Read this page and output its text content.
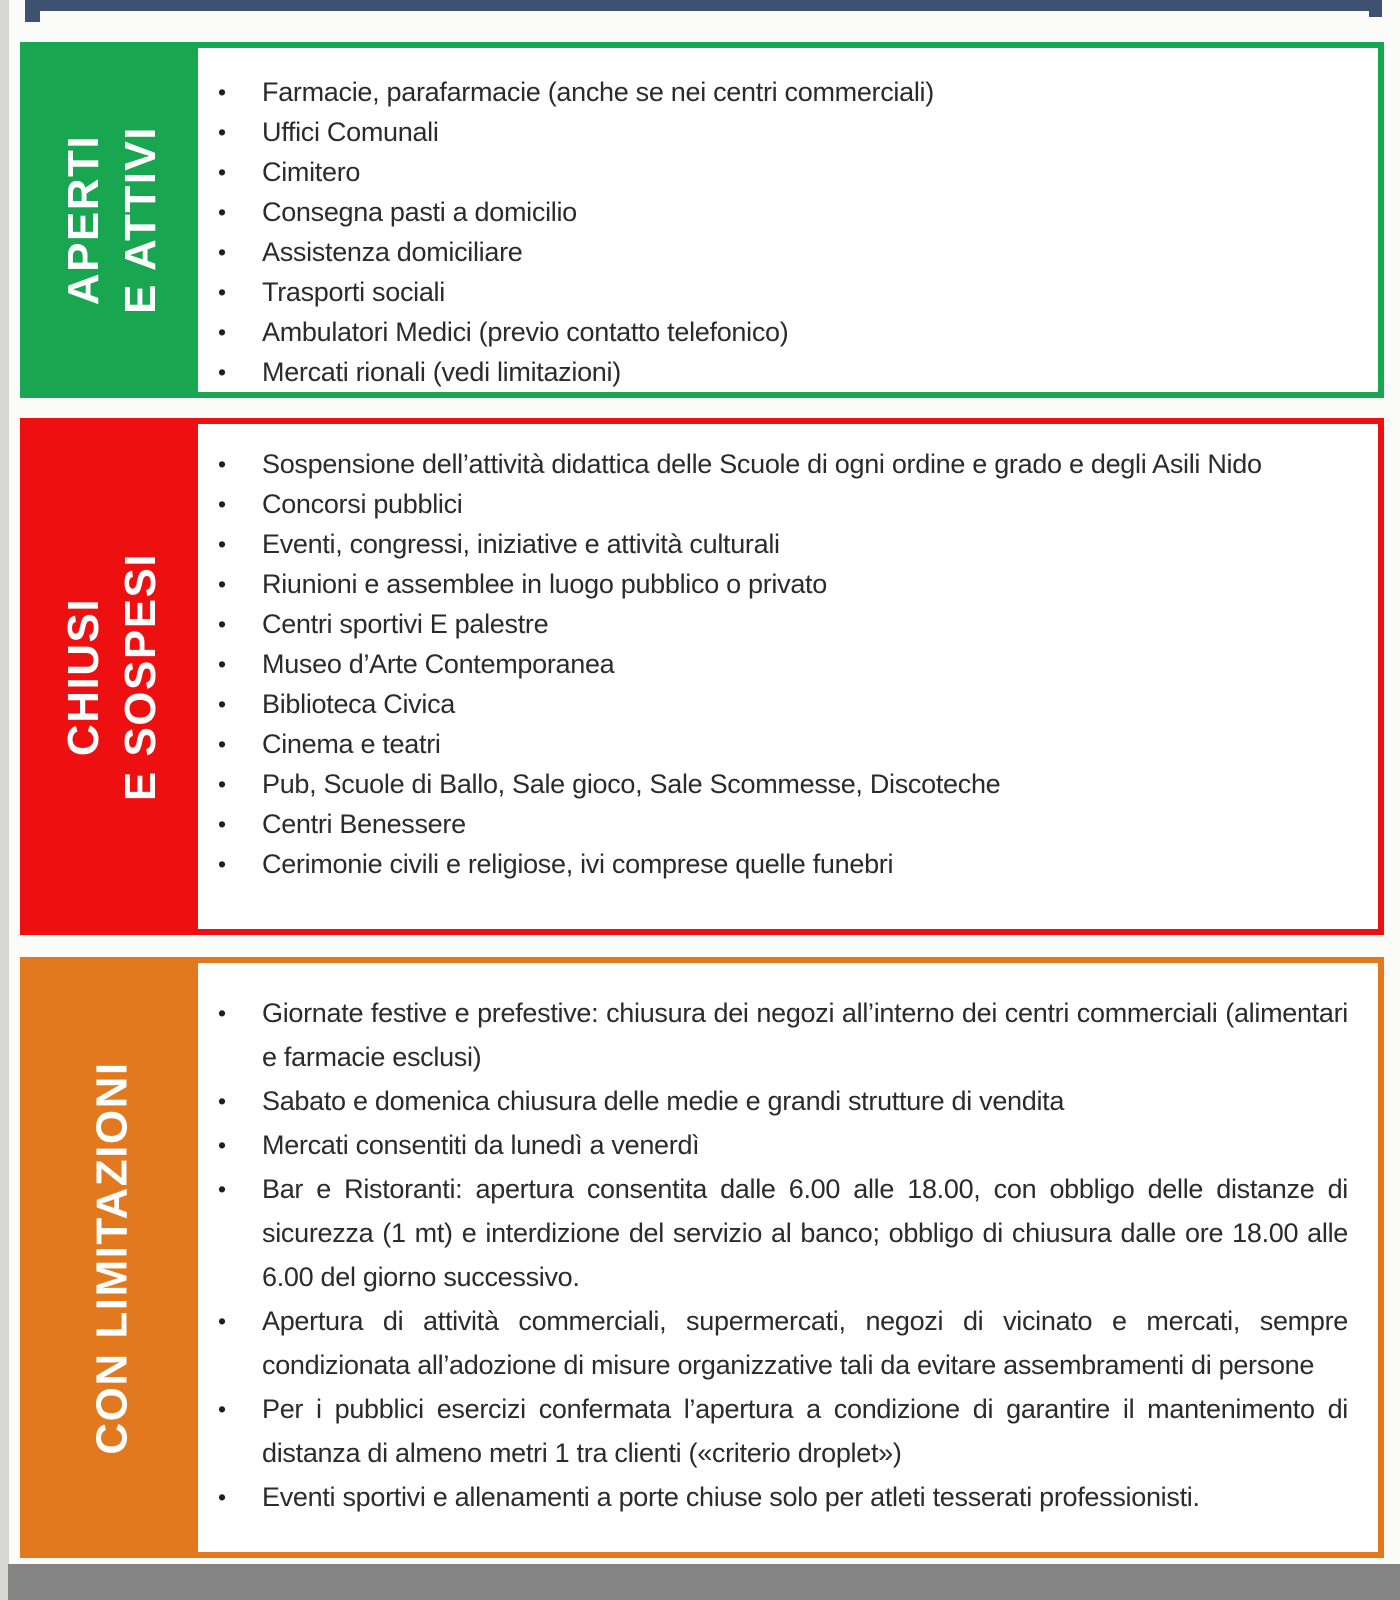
APERTI E ATTIVI
•	Farmacie, parafarmacie (anche se nei centri commerciali)
•	Uffici Comunali
•	Cimitero
•	Consegna pasti a domicilio
•	Assistenza domiciliare
•	Trasporti sociali
•	Ambulatori Medici (previo contatto telefonico)
•	Mercati rionali (vedi limitazioni)
CHIUSI E SOSPESI
•	Sospensione dell’attività didattica delle Scuole di ogni ordine e grado e degli Asili Nido
•	Concorsi pubblici
•	Eventi, congressi, iniziative e attività culturali
•	Riunioni e assemblee in luogo pubblico o privato
•	Centri sportivi E palestre
•	Museo d’Arte Contemporanea
•	Biblioteca Civica
•	Cinema e teatri
•	Pub, Scuole di Ballo, Sale gioco, Sale Scommesse, Discoteche
•	Centri Benessere
•	Cerimonie civili e religiose, ivi comprese quelle funebri
CON LIMITAZIONI
•	Giornate festive e prefestive: chiusura dei negozi all’interno dei centri commerciali (alimentari e farmacie esclusi)
•	Sabato e domenica chiusura delle medie e grandi strutture di vendita
•	Mercati consentiti da lunedì a venerdì
•	Bar e Ristoranti: apertura consentita dalle 6.00 alle 18.00, con obbligo delle distanze di sicurezza (1 mt) e interdizione del servizio al banco; obbligo di chiusura dalle ore 18.00 alle 6.00 del giorno successivo.
•	Apertura di attività commerciali, supermercati, negozi di vicinato e mercati, sempre condizionata all’adozione di misure organizzative tali da evitare assembramenti di persone
•	Per i pubblici esercizi confermata l’apertura a condizione di garantire il mantenimento di distanza di almeno metri 1 tra clienti («criterio droplet»)
•	Eventi sportivi e allenamenti a porte chiuse solo per atleti tesserati professionisti.
